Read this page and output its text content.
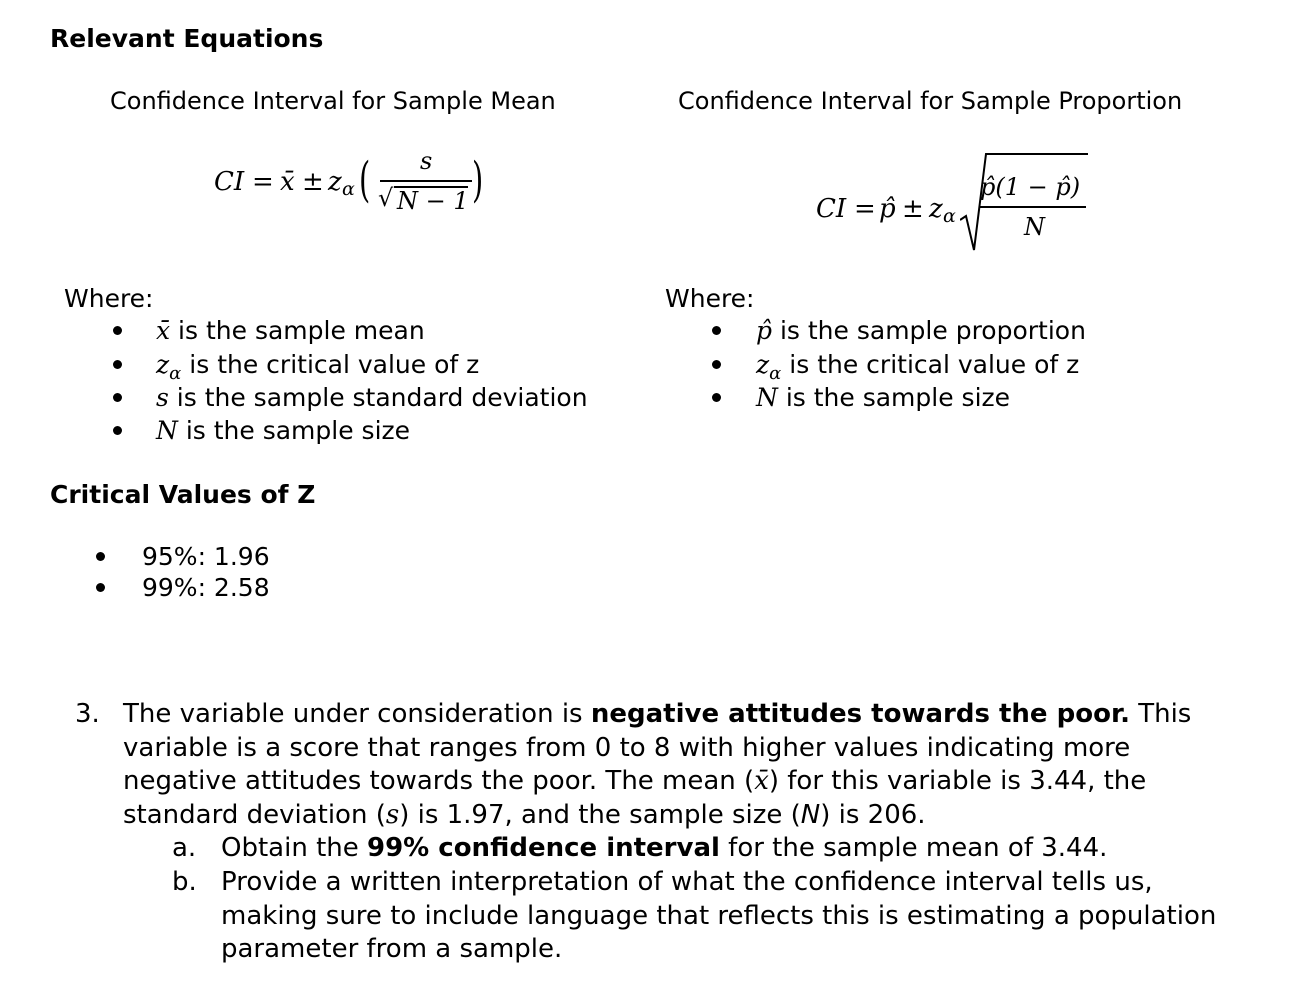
Relevant Equations
Confidence Interval for Sample Mean
CI = x̄ ± z α ( s
√ N − 1 )
Where:
x̄ is the sample mean
$z_\alpha$ is the critical value of z
s is the sample standard deviation
N is the sample size
Confidence Interval for Sample Proportion
CI = p̂ ± z α
p̂(1 − p̂)
N
Where:
p̂ is the sample proportion
$z_\alpha$ is the critical value of z
N is the sample size
Critical Values of Z
95%: 1.96
99%: 2.58
3. The variable under consideration is negative attitudes towards the poor. This
variable is a score that ranges from 0 to 8 with higher values indicating more
negative attitudes towards the poor. The mean (x̄) for this variable is 3.44, the
standard deviation (s) is 1.97, and the sample size (N) is 206.
a. Obtain the 99% confidence interval for the sample mean of 3.44.
b. Provide a written interpretation of what the confidence interval tells us,
making sure to include language that reflects this is estimating a population
parameter from a sample.
